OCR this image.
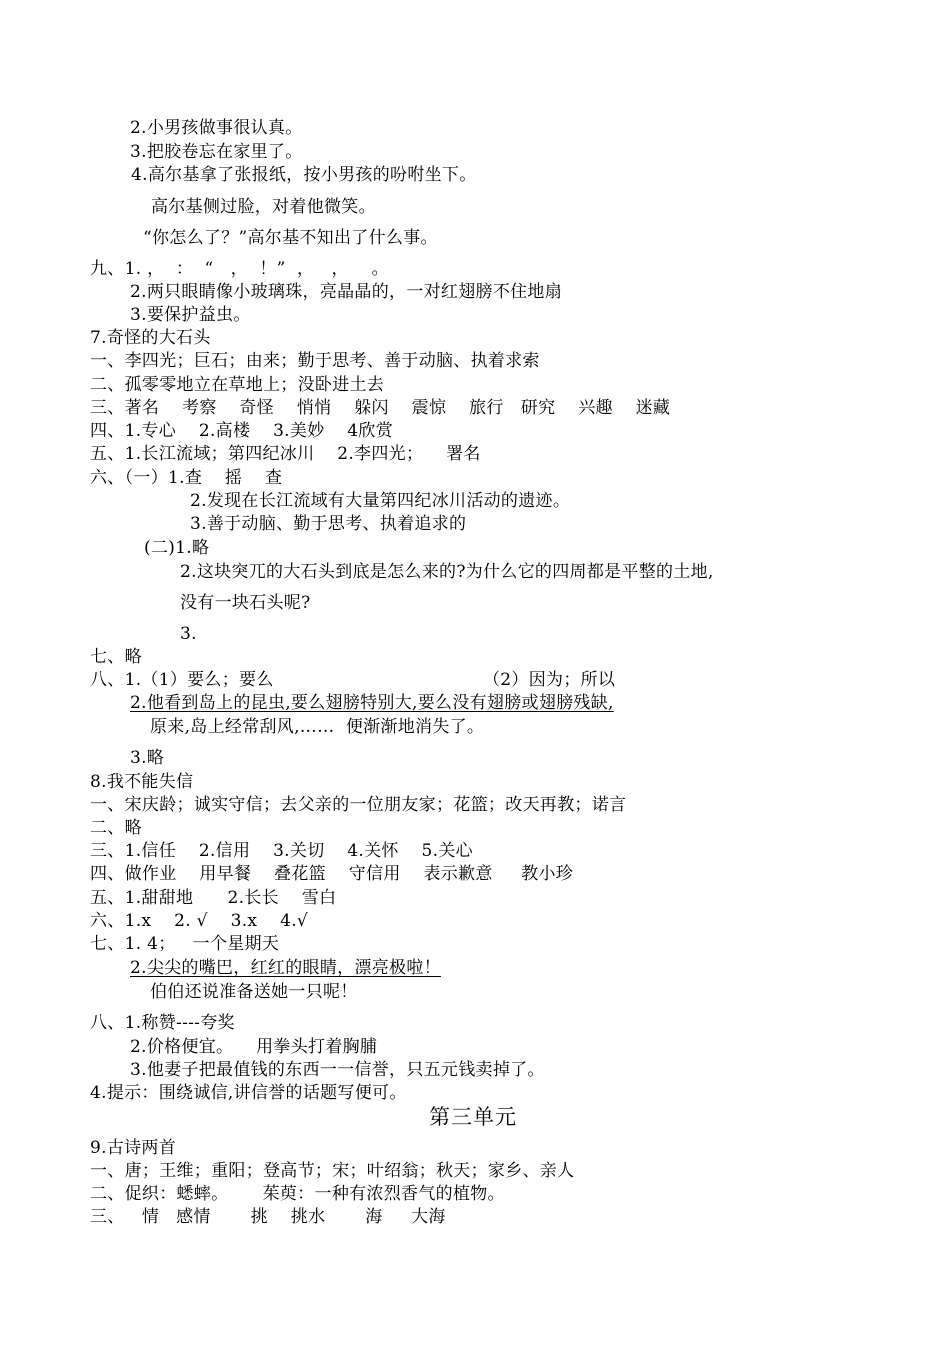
2.小男孩做事很认真。
3.把胶卷忘在家里了。
4.高尔基拿了张报纸，按小男孩的吩咐坐下。
高尔基侧过脸，对着他微笑。
“你怎么了？”高尔基不知出了什么事。
九、1. ，  ：  “   ，  ！”  ，   ，    。
2.两只眼睛像小玻璃珠，亮晶晶的，一对红翅膀不住地扇
3.要保护益虫。
7.奇怪的大石头
一、李四光；巨石；由来；勤于思考、善于动脑、执着求索
二、孤零零地立在草地上；没卧进土去
三、著名    考察    奇怪    悄悄    躲闪    震惊    旅行   研究    兴趣    迷藏
四、1.专心    2.高楼    3.美妙    4欣赏
五、1.长江流域；第四纪冰川    2.李四光；    署名
六、（一）1.查    摇    查
2.发现在长江流域有大量第四纪冰川活动的遗迹。
3.善于动脑、勤于思考、执着追求的
(二)1.略
2.这块突兀的大石头到底是怎么来的?为什么它的四周都是平整的土地,
没有一块石头呢?
3.
七、略
八、1.（1）要么；要么	（2）因为；所以
2.他看到岛上的昆虫,要么翅膀特别大,要么没有翅膀或翅膀残缺,
原来,岛上经常刮风,……  便渐渐地消失了。
3.略
8.我不能失信
一、宋庆龄；诚实守信；去父亲的一位朋友家；花篮；改天再教；诺言
二、略
三、1.信任    2.信用    3.关切    4.关怀    5.关心
四、做作业    用早餐    叠花篮    守信用    表示歉意     教小珍
五、1.甜甜地      2.长长    雪白
六、1.x    2. √    3.x    4.√
七、1. 4；   一个星期天
2.尖尖的嘴巴，红红的眼睛，漂亮极啦！
伯伯还说准备送她一只呢！
八、1.称赞----夸奖
2.价格便宜。    用拳头打着胸脯
3.他妻子把最值钱的东西一一信誉，只五元钱卖掉了。
4.提示：围绕诚信,讲信誉的话题写便可。
第三单元
9.古诗两首
一、唐；王维；重阳；登高节；宋；叶绍翁；秋天；家乡、亲人
二、促织：蟋蟀。      茱萸：一种有浓烈香气的植物。
三、   情   感情       挑    挑水       海     大海
